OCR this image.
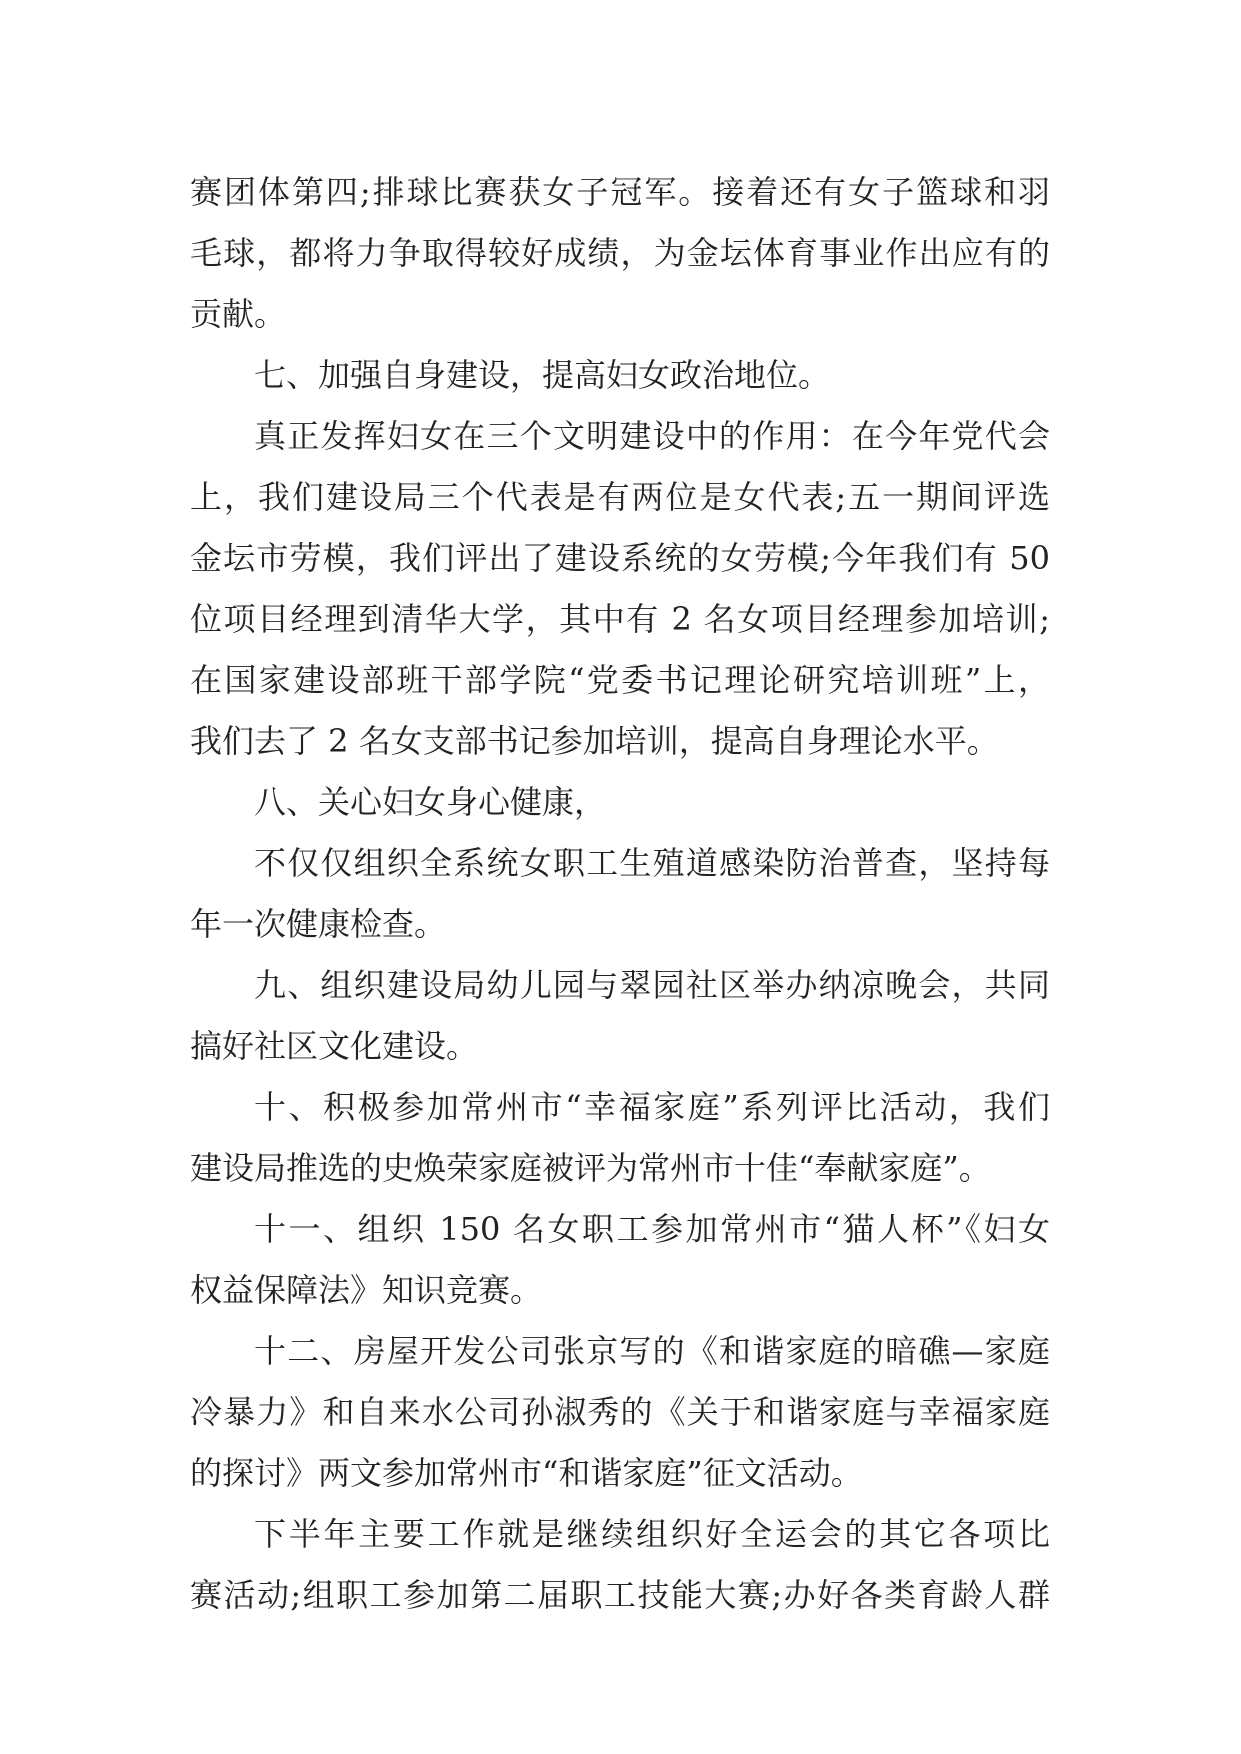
赛团体第四;排球比赛获女子冠军。接着还有女子篮球和羽
毛球，都将力争取得较好成绩，为金坛体育事业作出应有的
贡献。
七、加强自身建设，提高妇女政治地位。
真正发挥妇女在三个文明建设中的作用：在今年党代会
上，我们建设局三个代表是有两位是女代表;五一期间评选
金坛市劳模，我们评出了建设系统的女劳模;今年我们有 50
位项目经理到清华大学，其中有 2 名女项目经理参加培训;
在国家建设部班干部学院“党委书记理论研究培训班”上，
我们去了 2 名女支部书记参加培训，提高自身理论水平。
八、关心妇女身心健康，
不仅仅组织全系统女职工生殖道感染防治普查，坚持每
年一次健康检查。
九、组织建设局幼儿园与翠园社区举办纳凉晚会，共同
搞好社区文化建设。
十、积极参加常州市“幸福家庭”系列评比活动，我们
建设局推选的史焕荣家庭被评为常州市十佳“奉献家庭”。
十一、组织 150 名女职工参加常州市“猫人杯”《妇女
权益保障法》知识竞赛。
十二、房屋开发公司张京写的《和谐家庭的暗礁—家庭
冷暴力》和自来水公司孙淑秀的《关于和谐家庭与幸福家庭
的探讨》两文参加常州市“和谐家庭”征文活动。
下半年主要工作就是继续组织好全运会的其它各项比
赛活动;组职工参加第二届职工技能大赛;办好各类育龄人群
